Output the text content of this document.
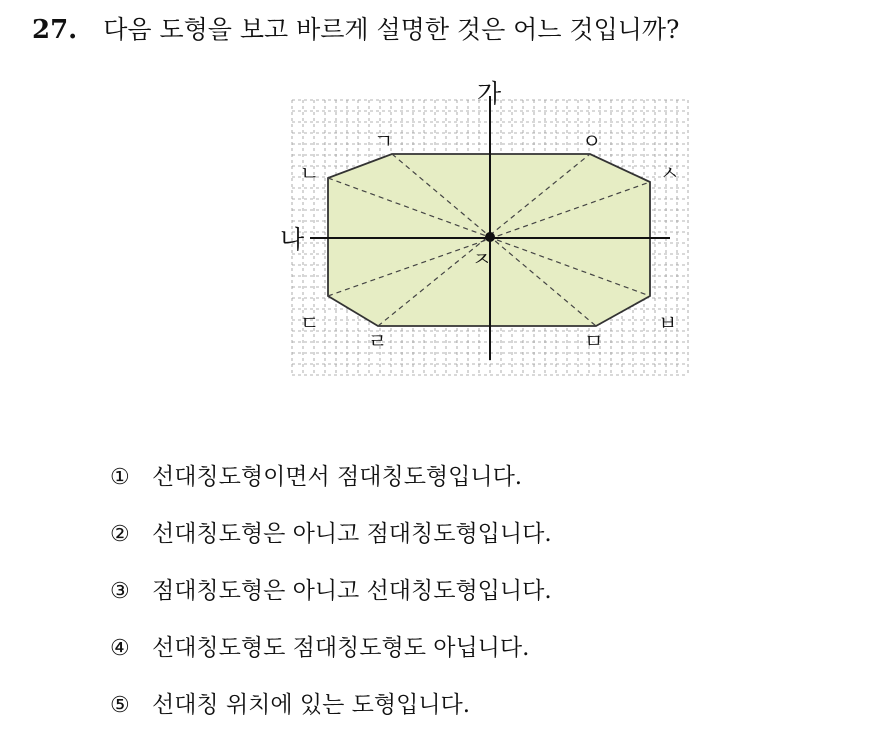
27. 다음 도형을 보고 바르게 설명한 것은 어느 것입니까?
가
나
ㄱ
ㄴ
ㄷ
ㄹ	ㅁ
ㅂ
ㅅ
ㅇ
ㅈ
① 선대칭도형이면서 점대칭도형입니다.
② 선대칭도형은 아니고 점대칭도형입니다.
③ 점대칭도형은 아니고 선대칭도형입니다.
④ 선대칭도형도 점대칭도형도 아닙니다.
⑤ 선대칭 위치에 있는 도형입니다.
